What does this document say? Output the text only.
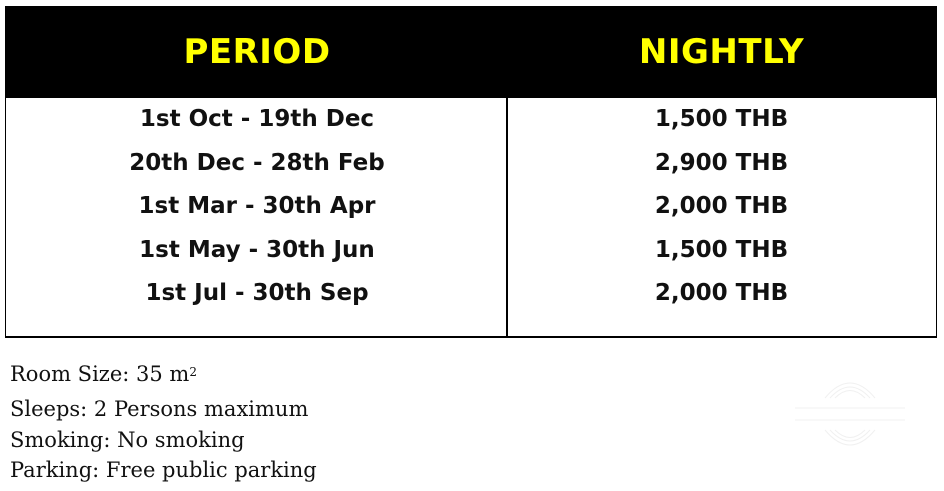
PERIOD	NIGHTLY
1st Oct - 19th Dec	1,500 THB
20th Dec - 28th Feb	2,900 THB
1st Mar - 30th Apr	2,000 THB
1st May - 30th Jun	1,500 THB
1st Jul - 30th Sep	2,000 THB
Room Size: 35 $m^2$
Sleeps: 2 Persons maximum
Smoking: No smoking
Parking: Free public parking
